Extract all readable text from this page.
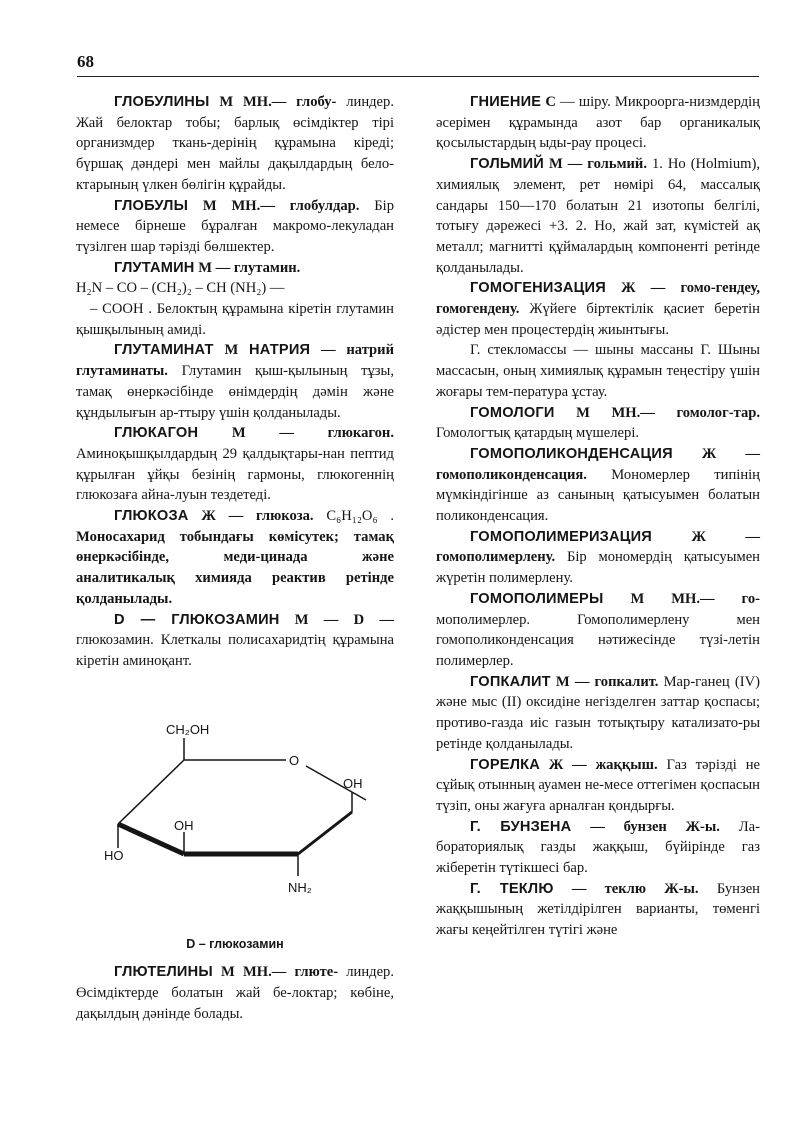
68

ГЛОБУЛИНЫ М МН.— глобу- линдер. Жай белоктар тобы; барлық өсімдіктер тірі организмдер ткань-дерінің құрамына кіреді; бүршақ дәндері мен майлы дақылдардың бело-ктарының үлкен бөлігін құрайды.

ГЛОБУЛЫ М МН.— глобулдар. Бір немесе бірнеше бұралған макромо-лекуладан түзілген шар тәрізді бөлшектер.

ГЛУТАМИН М — глутамин.

H₂N – CO – (CH₂)₂ – CH (NH₂) —

– COOH . Белоктың құрамына кіретін глутамин қышқылының амиді.

ГЛУТАМИНАТ М НАТРИЯ — натрий глутаминаты. Глутамин қыш-қылының тұзы, тамақ өнеркәсібінде өнімдердің дәмін және құндылығын ар-ттыру үшін қолданылады.

ГЛЮКАГОН М — глюкагон. Аминоқышқылдардың 29 қалдықтары-нан пептид құрылған ұйқы безінің гармоны, глюкогеннің глюкозаға айна-луын тездетеді.

ГЛЮКОЗА Ж — глюкоза. C₆H₁₂O₆ . Моносахарид тобындағы көмісутек; тамақ өнеркәсібінде, меди-цинада және аналитикалық химияда реактив ретінде қолданылады.

D — ГЛЮКОЗАМИН М — D — глюкозамин. Клеткалы полисахаридтің құрамына кіретін аминоқант.

CH₂OH
O
OH
HO
OH
NH₂
D – глюкозамин

ГЛЮТЕЛИНЫ М МН.— глюте- линдер. Өсімдіктерде болатын жай бе-локтар; көбіне, дақылдың дәнінде болады.

ГНИЕНИЕ С — шіру. Микроорга-низмдердің әсерімен құрамында азот бар органикалық қосылыстардың ыды-рау процесі.

ГОЛЬМИЙ М — гольмий. 1. Но (Holmium), химиялық элемент, рет нөмірі 64, массалық сандары 150—170 болатын 21 изотопы белгілі, тотығу дәрежесі +3. 2. Но, жай зат, күмістей ақ металл; магнитті құймалардың компоненті ретінде қолданылады.

ГОМОГЕНИЗАЦИЯ Ж — гомо-гендеу, гомогендену. Жүйеге біртектілік қасиет беретін әдістер мен процестердің жиынтығы.

Г. стекломассы — шыны массаны Г. Шыны массасын, оның химиялық құрамын теңестіру үшін жоғары тем-пература ұстау.

ГОМОЛОГИ М МН.— гомолог-тар. Гомологтық қатардың мүшелері.

ГОМОПОЛИКОНДЕНСАЦИЯ Ж — гомополиконденсация. Мономерлер типінің мүмкіндігінше аз санының қатысуымен болатын поликонденсация.

ГОМОПОЛИМЕРИЗАЦИЯ	Ж	— гомополимерлену. Бір мономердің қатысуымен жүретін полимерлену.

ГОМОПОЛИМЕРЫ М МН.— го- мополимерлер. Гомополимерлену мен гомополиконденсация нәтижесінде түзі-летін полимерлер.

ГОПКАЛИТ М — гопкалит. Мар-ганец (IV) және мыс (II) оксидіне негізделген заттар қоспасы; противо-газда иіс газын тотықтыру катализато-ры ретінде қолданылады.

ГОРЕЛКА Ж — жаққыш. Газ тәрізді не сұйық отынның ауамен не-месе оттегімен қоспасын түзіп, оны жағуға арналған қондырғы.

Г. БУНЗЕНА — бунзен Ж-ы. Ла-бораториялық газды жаққыш, бүйірінде газ жіберетін түтікшесі бар.

Г. ТЕКЛЮ — теклю Ж-ы. Бунзен жаққышының жетілдірілген варианты, төменгі жағы кеңейтілген түтігі және
